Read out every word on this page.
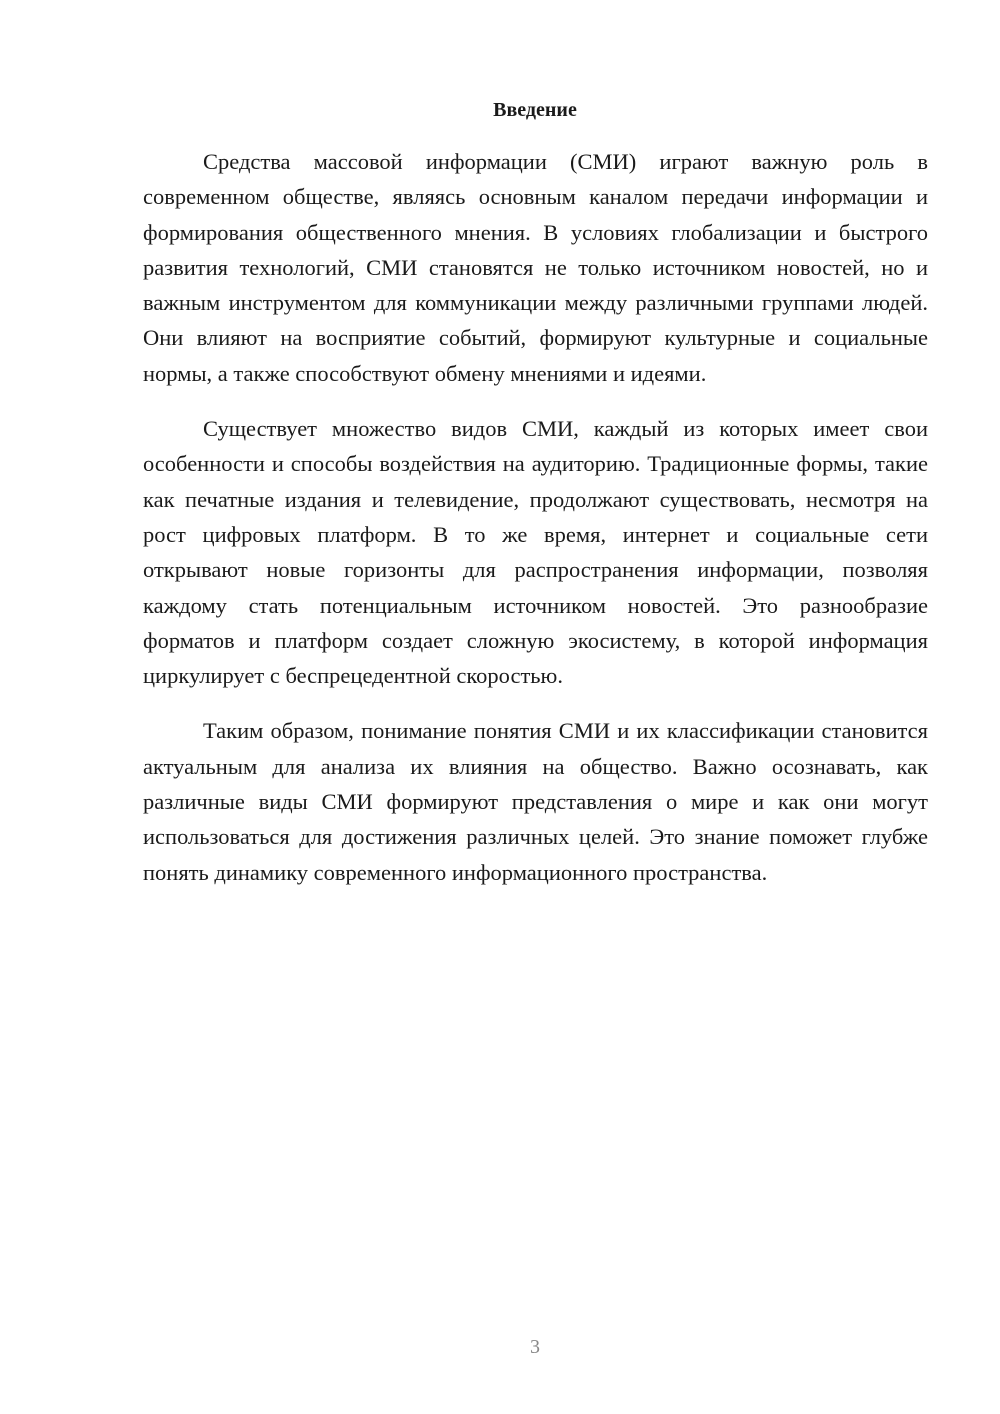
Введение

Средства массовой информации (СМИ) играют важную роль в современном обществе, являясь основным каналом передачи информации и формирования общественного мнения. В условиях глобализации и быстрого развития технологий, СМИ становятся не только источником новостей, но и важным инструментом для коммуникации между различными группами людей. Они влияют на восприятие событий, формируют культурные и социальные нормы, а также способствуют обмену мнениями и идеями.

Существует множество видов СМИ, каждый из которых имеет свои особенности и способы воздействия на аудиторию. Традиционные формы, такие как печатные издания и телевидение, продолжают существовать, несмотря на рост цифровых платформ. В то же время, интернет и социальные сети открывают новые горизонты для распространения информации, позволяя каждому стать потенциальным источником новостей. Это разнообразие форматов и платформ создает сложную экосистему, в которой информация циркулирует с беспрецедентной скоростью.

Таким образом, понимание понятия СМИ и их классификации становится актуальным для анализа их влияния на общество. Важно осознавать, как различные виды СМИ формируют представления о мире и как они могут использоваться для достижения различных целей. Это знание поможет глубже понять динамику современного информационного пространства.

3
